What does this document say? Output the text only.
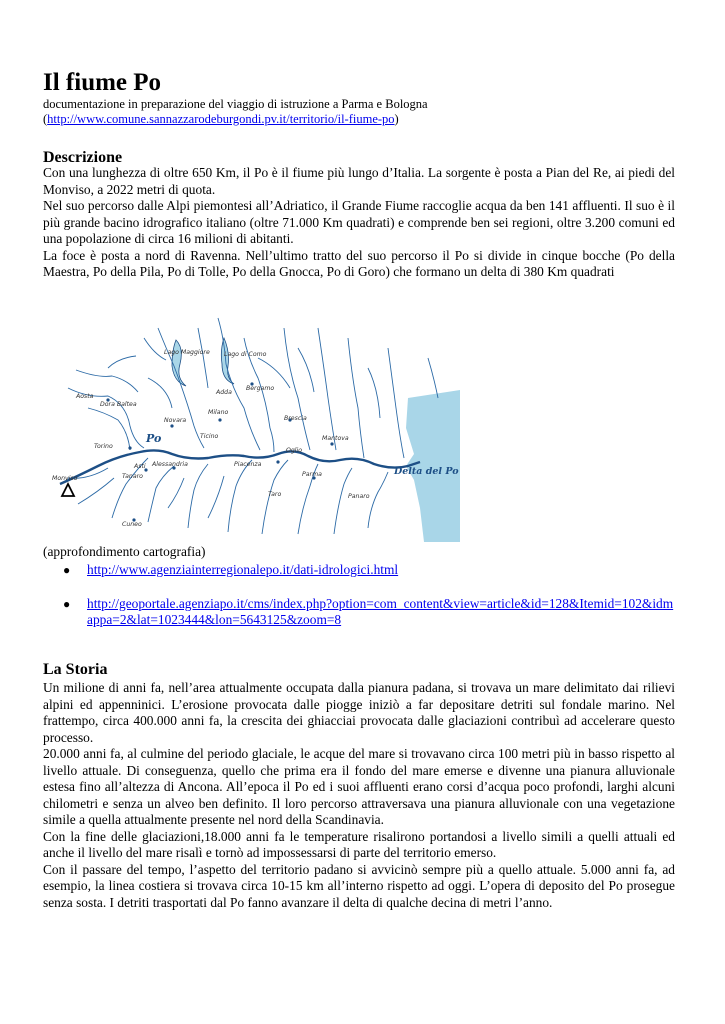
Il fiume Po
documentazione in preparazione del viaggio di istruzione a Parma e Bologna
(http://www.comune.sannazzarodeburgondi.pv.it/territorio/il-fiume-po)
Descrizione

Con una lunghezza di oltre 650 Km, il Po è il fiume più lungo d’Italia. La sorgente è posta a Pian del Re, ai piedi del Monviso, a 2022 metri di quota.

Nel suo percorso dalle Alpi piemontesi all’Adriatico, il Grande Fiume raccoglie acqua da ben 141 affluenti. Il suo è il più grande bacino idrografico italiano (oltre 71.000 Km quadrati) e comprende ben sei regioni, oltre 3.200 comuni ed una popolazione di circa 16 milioni di abitanti.

La foce è posta a nord di Ravenna. Nell’ultimo tratto del suo percorso il Po si divide in cinque bocche (Po della Maestra, Po della Pila, Po di Tolle, Po della Gnocca, Po di Goro) che formano un delta di 380 Km quadrati

Lago Maggiore Lago di Como
Aosta
Dora Baltea
Adda
Bergamo
Brescia
Milano
Novara
Ticino
Torino
Mantova
Oglio
Piacenza
Alessandria
Asti
Tanaro
Monviso
Parma
Taro	Panaro
Cuneo
Po
Delta del Po
(approfondimento cartografia)
● http://www.agenziainterregionalepo.it/dati-idrologici.html
● http://geoportale.agenziapo.it/cms/index.php?option=com_content&view=article&id=128&Itemid=102&idmappa=2&lat=1023444&lon=5643125&zoom=8
La Storia

Un milione di anni fa, nell’area attualmente occupata dalla pianura padana, si trovava un mare delimitato dai rilievi alpini ed appenninici. L’erosione provocata dalle piogge iniziò a far depositare detriti sul fondale marino. Nel frattempo, circa 400.000 anni fa, la crescita dei ghiacciai provocata dalle glaciazioni contribuì ad accelerare questo processo.

20.000 anni fa, al culmine del periodo glaciale, le acque del mare si trovavano circa 100 metri più in basso rispetto al livello attuale. Di conseguenza, quello che prima era il fondo del mare emerse e divenne una pianura alluvionale estesa fino all’altezza di Ancona. All’epoca il Po ed i suoi affluenti erano corsi d’acqua poco profondi, larghi alcuni chilometri e senza un alveo ben definito. Il loro percorso attraversava una pianura alluvionale con una vegetazione simile a quella attualmente presente nel nord della Scandinavia.

Con la fine delle glaciazioni,18.000 anni fa le temperature risalirono portandosi a livello simili a quelli attuali ed anche il livello del mare risalì e tornò ad impossessarsi di parte del territorio emerso.

Con il passare del tempo, l’aspetto del territorio padano si avvicinò sempre più a quello attuale. 5.000 anni fa, ad esempio, la linea costiera si trovava circa 10-15 km all’interno rispetto ad oggi. L’opera di deposito del Po prosegue senza sosta. I detriti trasportati dal Po fanno avanzare il delta di qualche decina di metri l’anno.
